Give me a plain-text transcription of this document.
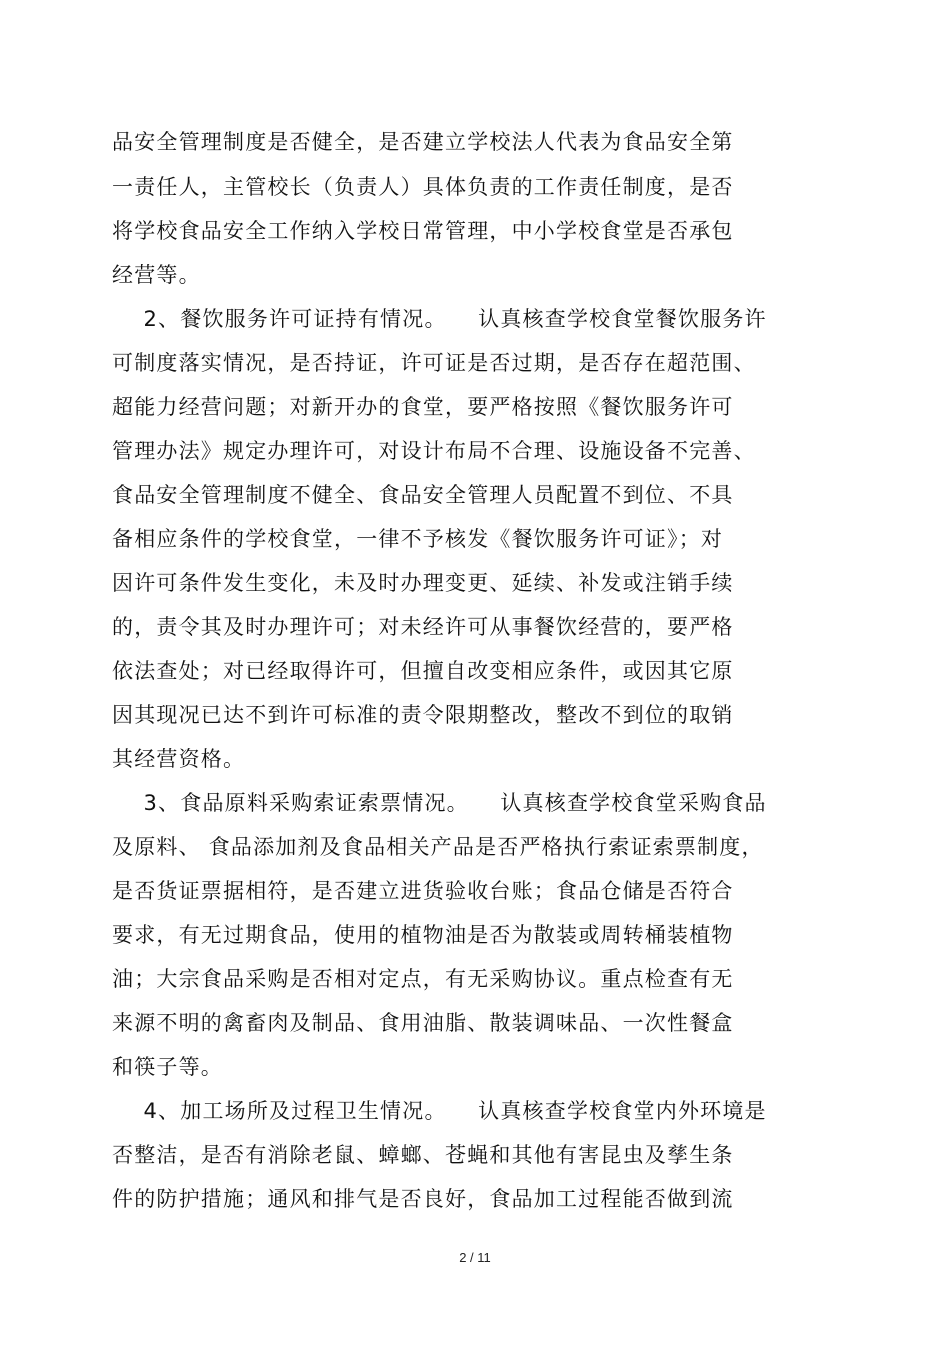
品安全管理制度是否健全，是否建立学校法人代表为食品安全第
一责任人，主管校长（负责人）具体负责的工作责任制度，是否
将学校食品安全工作纳入学校日常管理，中小学校食堂是否承包
经营等。
2、餐饮服务许可证持有情况。    认真核查学校食堂餐饮服务许
可制度落实情况，是否持证，许可证是否过期，是否存在超范围、
超能力经营问题；对新开办的食堂，要严格按照《餐饮服务许可
管理办法》规定办理许可，对设计布局不合理、设施设备不完善、
食品安全管理制度不健全、食品安全管理人员配置不到位、不具
备相应条件的学校食堂，一律不予核发《餐饮服务许可证》；对
因许可条件发生变化，未及时办理变更、延续、补发或注销手续
的，责令其及时办理许可；对未经许可从事餐饮经营的，要严格
依法查处；对已经取得许可，但擅自改变相应条件，或因其它原
因其现况已达不到许可标准的责令限期整改，整改不到位的取销
其经营资格。
3、食品原料采购索证索票情况。    认真核查学校食堂采购食品
及原料、 食品添加剂及食品相关产品是否严格执行索证索票制度，
是否货证票据相符，是否建立进货验收台账；食品仓储是否符合
要求，有无过期食品，使用的植物油是否为散装或周转桶装植物
油；大宗食品采购是否相对定点，有无采购协议。重点检查有无
来源不明的禽畜肉及制品、食用油脂、散装调味品、一次性餐盒
和筷子等。
4、加工场所及过程卫生情况。    认真核查学校食堂内外环境是
否整洁，是否有消除老鼠、蟑螂、苍蝇和其他有害昆虫及孳生条
件的防护措施；通风和排气是否良好，食品加工过程能否做到流
2 / 11
